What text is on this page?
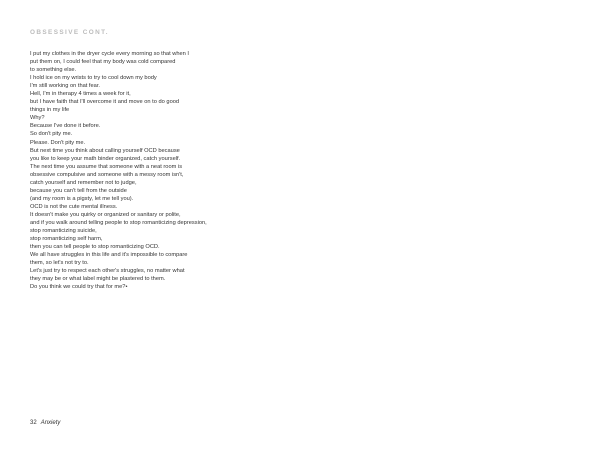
OBSESSIVE CONT.
I put my clothes in the dryer cycle every morning so that when I
put them on, I could feel that my body was cold compared
to something else.
I hold ice on my wrists to try to cool down my body
I'm still working on that fear.
Hell, I'm in therapy 4 times a week for it,
but I have faith that I'll overcome it and move on to do good
things in my life
Why?
Because I've done it before.
So don't pity me.
Please. Don't pity me.
But next time you think about calling yourself OCD because
you like to keep your math binder organized, catch yourself.
The next time you assume that someone with a neat room is
obsessive compulsive and someone with a messy room isn't,
catch yourself and remember not to judge,
because you can't tell from the outside
(and my room is a pigsty, let me tell you).
OCD is not the cute mental illness.
It doesn't make you quirky or organized or sanitary or polite,
and if you walk around telling people to stop romanticizing depression,
stop romanticizing suicide,
stop romanticizing self harm,
then you can tell people to stop romanticizing OCD.
We all have struggles in this life and it's impossible to compare
them, so let's not try to.
Let's just try to respect each other's struggles, no matter what
they may be or what label might be plastered to them.
Do you think we could try that for me?•
32 Anxiety
